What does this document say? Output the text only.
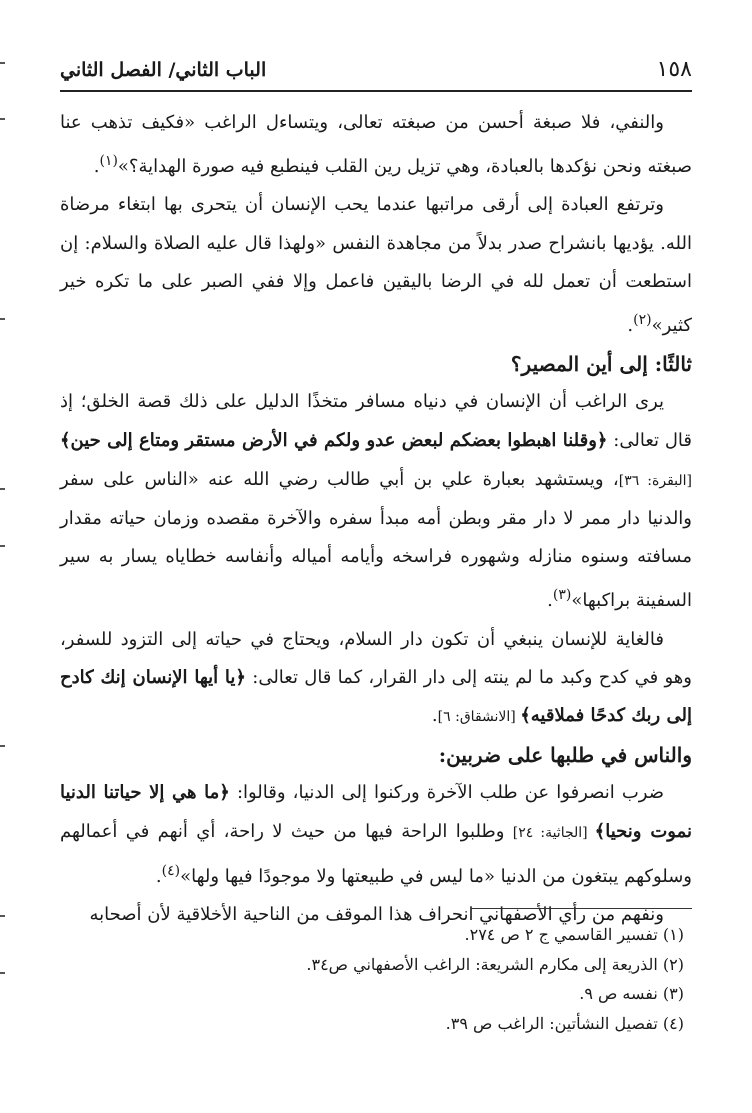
١٥٨
الباب الثاني/ الفصل الثاني

والنفي، فلا صبغة أحسن من صبغته تعالى، ويتساءل الراغب «فكيف تذهب عنا صبغته ونحن نؤكدها بالعبادة، وهي تزيل رين القلب فينطبع فيه صورة الهداية؟»$^{(١)}$.

وترتفع العبادة إلى أرقى مراتبها عندما يحب الإنسان أن يتحرى بها ابتغاء مرضاة الله. يؤديها بانشراح صدر بدلاً من مجاهدة النفس «ولهذا قال عليه الصلاة والسلام: إن استطعت أن تعمل لله في الرضا باليقين فاعمل وإلا ففي الصبر على ما تكره خير كثير»$^{(٢)}$.

ثالثًا: إلى أين المصير؟

يرى الراغب أن الإنسان في دنياه مسافر متخذًا الدليل على ذلك قصة الخلق؛ إذ قال تعالى: ﴿وقلنا اهبطوا بعضكم لبعض عدو ولكم في الأرض مستقر ومتاع إلى حين﴾ [البقرة: ٣٦]، ويستشهد بعبارة علي بن أبي طالب رضي الله عنه «الناس على سفر والدنيا دار ممر لا دار مقر وبطن أمه مبدأ سفره والآخرة مقصده وزمان حياته مقدار مسافته وسنوه منازله وشهوره فراسخه وأيامه أمياله وأنفاسه خطاياه يسار به سير السفينة براكبها»$^{(٣)}$.

فالغاية للإنسان ينبغي أن تكون دار السلام، ويحتاج في حياته إلى التزود للسفر، وهو في كدح وكبد ما لم ينته إلى دار القرار، كما قال تعالى: ﴿يا أيها الإنسان إنك كادح إلى ربك كدحًا فملاقيه﴾ [الانشقاق: ٦].

والناس في طلبها على ضربين:

ضرب انصرفوا عن طلب الآخرة وركنوا إلى الدنيا، وقالوا: ﴿ما هي إلا حياتنا الدنيا نموت ونحيا﴾ [الجاثية: ٢٤] وطلبوا الراحة فيها من حيث لا راحة، أي أنهم في أعمالهم وسلوكهم يبتغون من الدنيا «ما ليس في طبيعتها ولا موجودًا فيها ولها»$^{(٤)}$.

ونفهم من رأي الأصفهاني انحراف هذا الموقف من الناحية الأخلاقية لأن أصحابه

(١) تفسير القاسمي ج ٢ ص ٢٧٤.
(٢) الذريعة إلى مكارم الشريعة: الراغب الأصفهاني ص٣٤.
(٣) نفسه ص ٩.
(٤) تفصيل النشأتين: الراغب ص ٣٩.
